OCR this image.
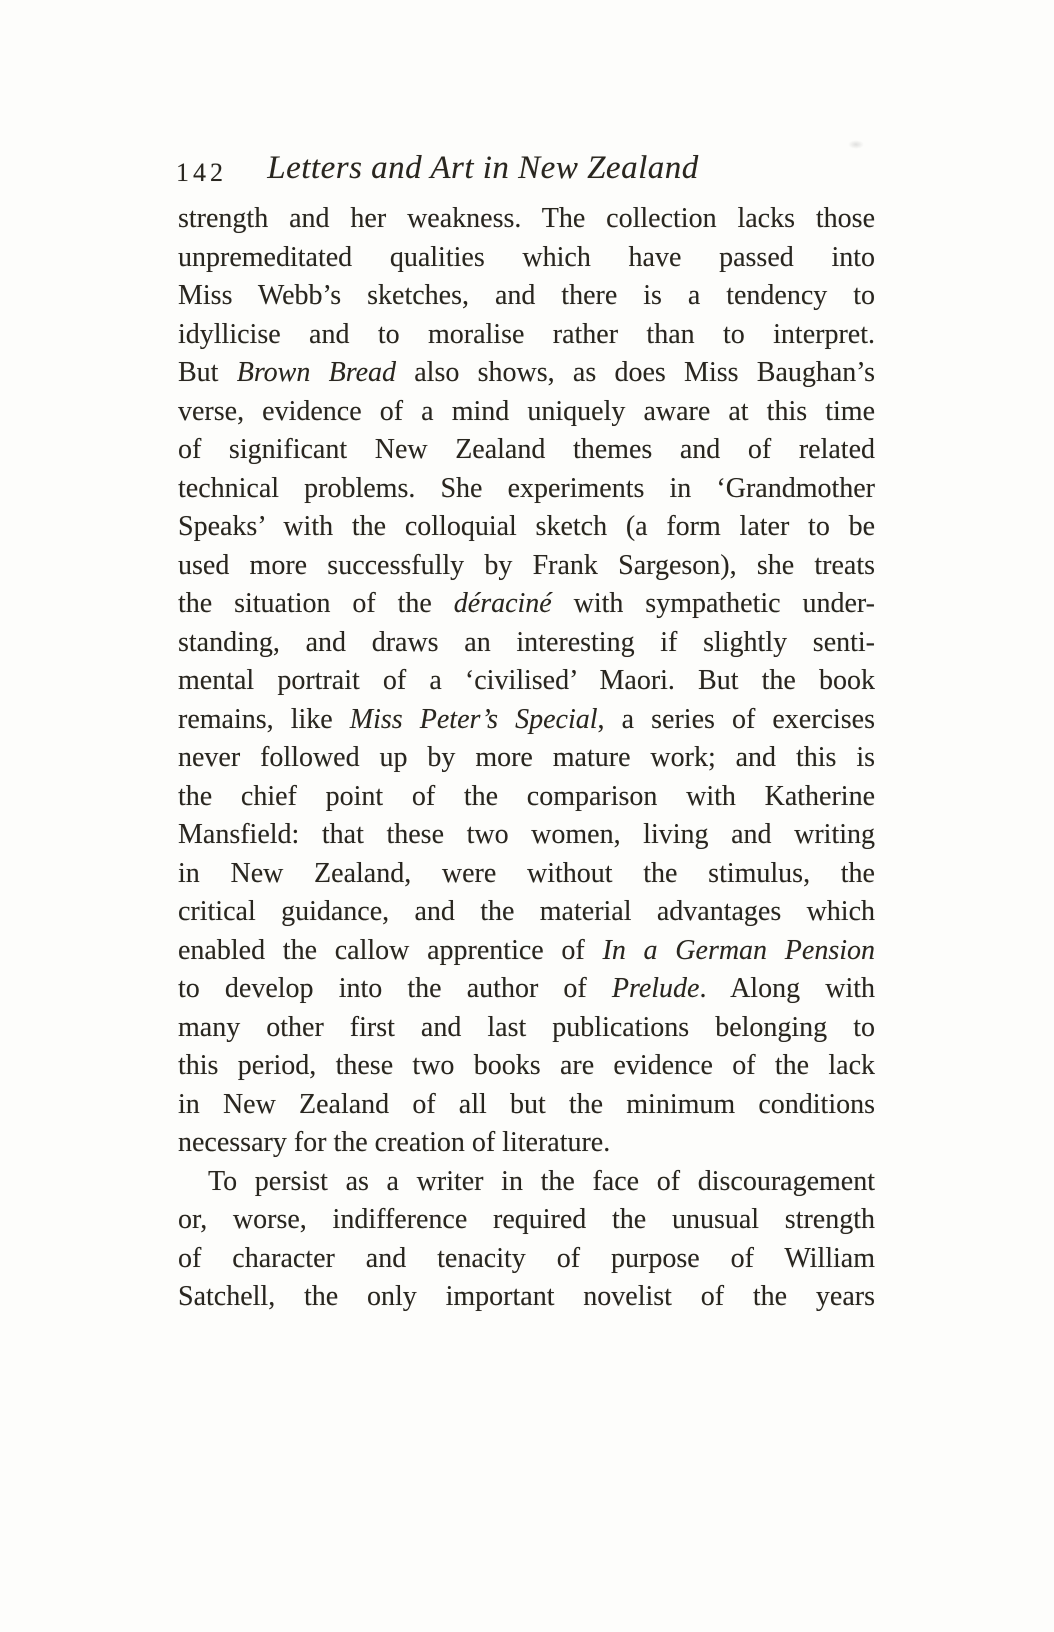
142 Letters and Art in New Zealand
strength and her weakness. The collection lacks those
unpremeditated qualities which have passed into
Miss Webb’s sketches, and there is a tendency to
idyllicise and to moralise rather than to interpret.
But Brown Bread also shows, as does Miss Baughan’s
verse, evidence of a mind uniquely aware at this time
of significant New Zealand themes and of related
technical problems. She experiments in ‘Grandmother
Speaks’ with the colloquial sketch (a form later to be
used more successfully by Frank Sargeson), she treats
the situation of the déraciné with sympathetic under-
standing, and draws an interesting if slightly senti-
mental portrait of a ‘civilised’ Maori. But the book
remains, like Miss Peter’s Special, a series of exercises
never followed up by more mature work; and this is
the chief point of the comparison with Katherine
Mansfield: that these two women, living and writing
in New Zealand, were without the stimulus, the
critical guidance, and the material advantages which
enabled the callow apprentice of In a German Pension
to develop into the author of Prelude. Along with
many other first and last publications belonging to
this period, these two books are evidence of the lack
in New Zealand of all but the minimum conditions
necessary for the creation of literature.
To persist as a writer in the face of discouragement
or, worse, indifference required the unusual strength
of character and tenacity of purpose of William
Satchell, the only important novelist of the years
